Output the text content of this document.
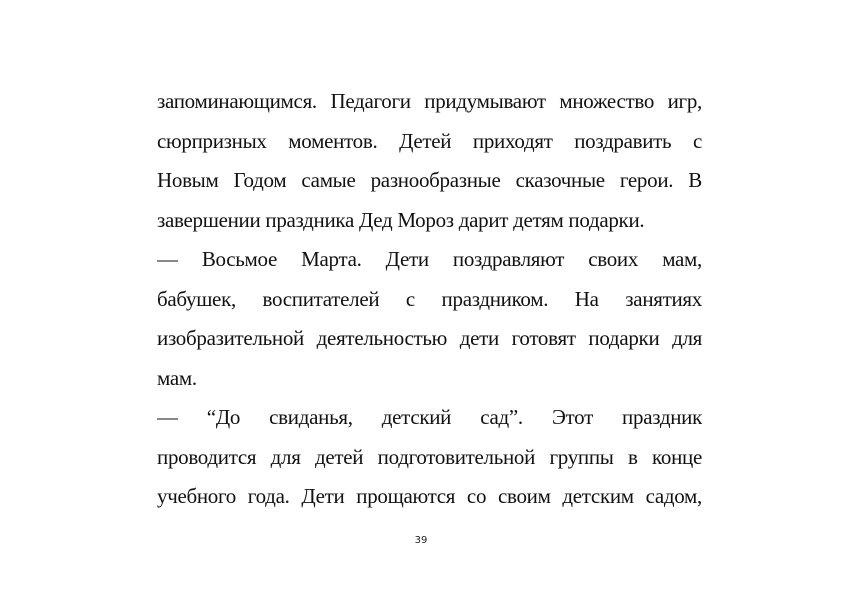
запоминающимся. Педагоги придумывают множество игр,
сюрпризных моментов. Детей приходят поздравить с
Новым Годом самые разнообразные сказочные герои. В
завершении праздника Дед Мороз дарит детям подарки.
— Восьмое Марта. Дети поздравляют своих мам,
бабушек, воспитателей с праздником. На занятиях
изобразительной деятельностью дети готовят подарки для
мам.
— “До свиданья, детский сад”. Этот праздник
проводится для детей подготовительной группы в конце
учебного года. Дети прощаются со своим детским садом,
39
